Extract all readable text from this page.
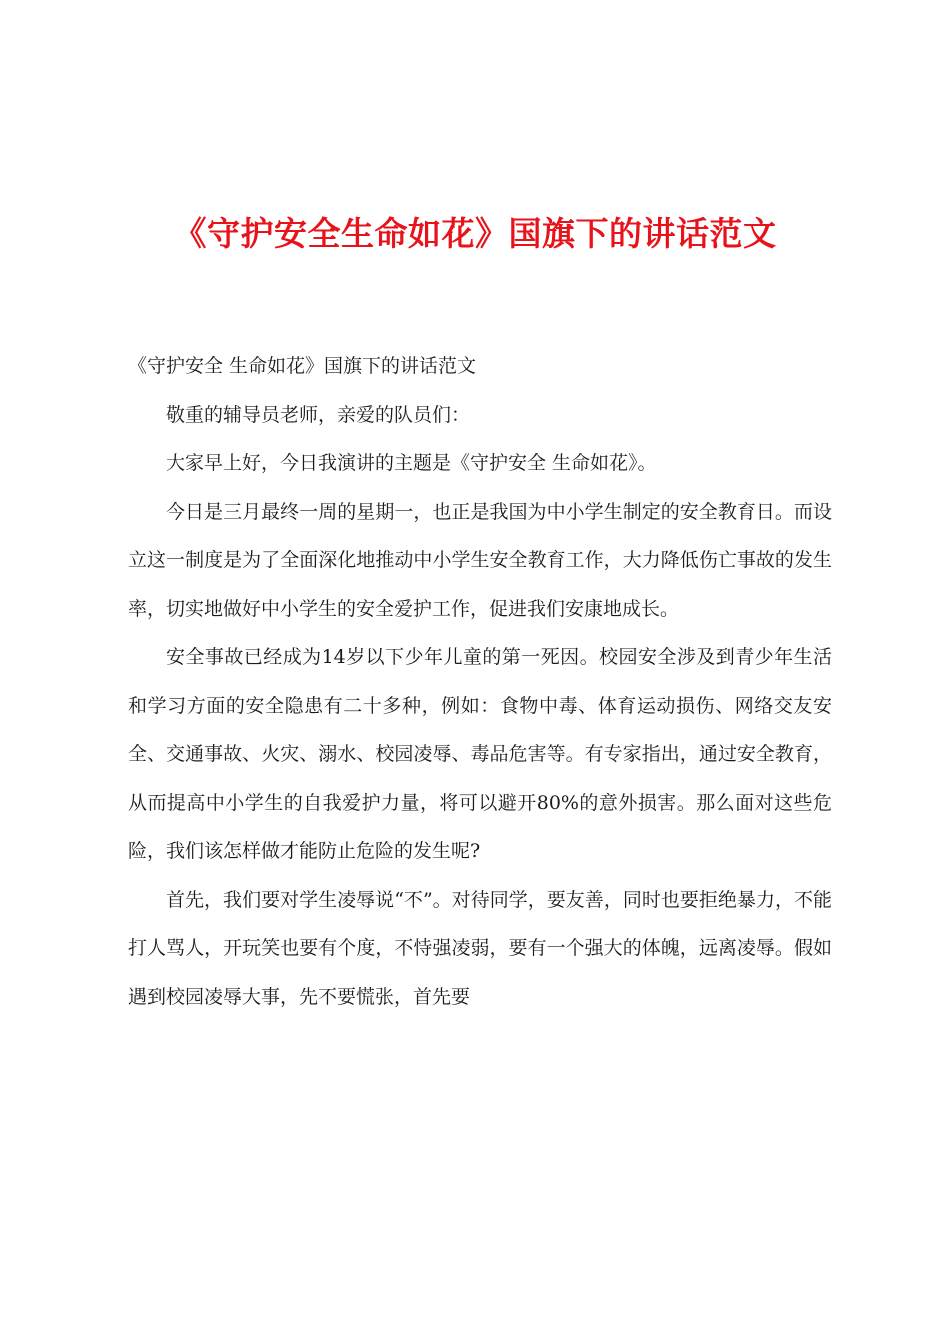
《守护安全生命如花》国旗下的讲话范文

《守护安全 生命如花》国旗下的讲话范文

敬重的辅导员老师，亲爱的队员们：

大家早上好，今日我演讲的主题是《守护安全 生命如花》。

今日是三月最终一周的星期一，也正是我国为中小学生制定的安全教育日。而设立这一制度是为了全面深化地推动中小学生安全教育工作，大力降低伤亡事故的发生率，切实地做好中小学生的安全爱护工作，促进我们安康地成长。

安全事故已经成为14岁以下少年儿童的第一死因。校园安全涉及到青少年生活和学习方面的安全隐患有二十多种，例如：食物中毒、体育运动损伤、网络交友安全、交通事故、火灾、溺水、校园凌辱、毒品危害等。有专家指出，通过安全教育，从而提高中小学生的自我爱护力量，将可以避开80%的意外损害。那么面对这些危险，我们该怎样做才能防止危险的发生呢?

首先，我们要对学生凌辱说“不”。对待同学，要友善，同时也要拒绝暴力，不能打人骂人，开玩笑也要有个度，不恃强凌弱，要有一个强大的体魄，远离凌辱。假如遇到校园凌辱大事，先不要慌张，首先要
